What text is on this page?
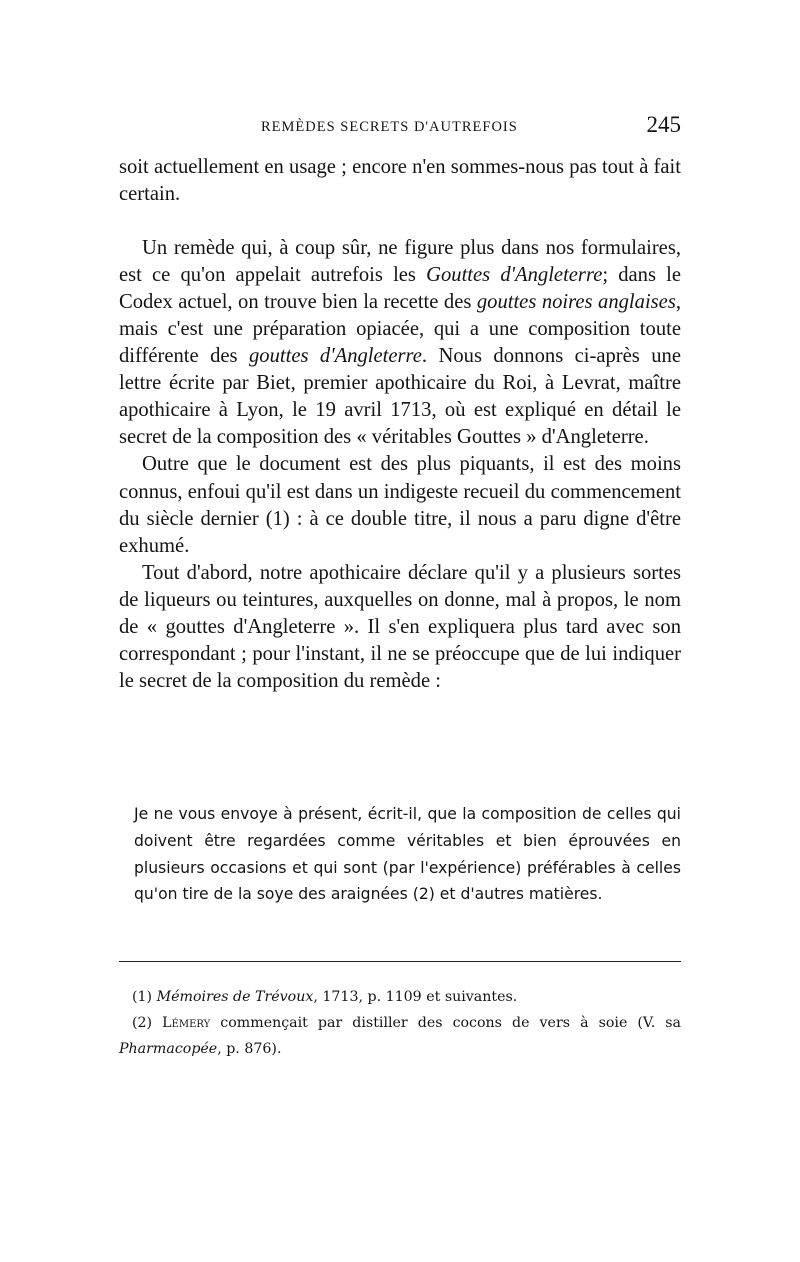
REMÈDES SECRETS D'AUTREFOIS	245

soit actuellement en usage ; encore n'en sommes-nous pas tout à fait certain.

Un remède qui, à coup sûr, ne figure plus dans nos formulaires, est ce qu'on appelait autrefois les Gouttes d'Angleterre; dans le Codex actuel, on trouve bien la recette des gouttes noires anglaises, mais c'est une préparation opiacée, qui a une composition toute différente des gouttes d'Angleterre. Nous donnons ci-après une lettre écrite par Biet, premier apothicaire du Roi, à Levrat, maître apothicaire à Lyon, le 19 avril 1713, où est expliqué en détail le secret de la composition des « véritables Gouttes » d'Angleterre.

Outre que le document est des plus piquants, il est des moins connus, enfoui qu'il est dans un indigeste recueil du commencement du siècle dernier (1) : à ce double titre, il nous a paru digne d'être exhumé.

Tout d'abord, notre apothicaire déclare qu'il y a plusieurs sortes de liqueurs ou teintures, auxquelles on donne, mal à propos, le nom de « gouttes d'Angleterre ». Il s'en expliquera plus tard avec son correspondant ; pour l'instant, il ne se préoccupe que de lui indiquer le secret de la composition du remède :

Je ne vous envoye à présent, écrit-il, que la composition de celles qui doivent être regardées comme véritables et bien éprouvées en plusieurs occasions et qui sont (par l'expérience) préférables à celles qu'on tire de la soye des araignées (2) et d'autres matières.

(1) Mémoires de Trévoux, 1713, p. 1109 et suivantes.

(2) Lémery commençait par distiller des cocons de vers à soie (V. sa Pharmacopée, p. 876).
